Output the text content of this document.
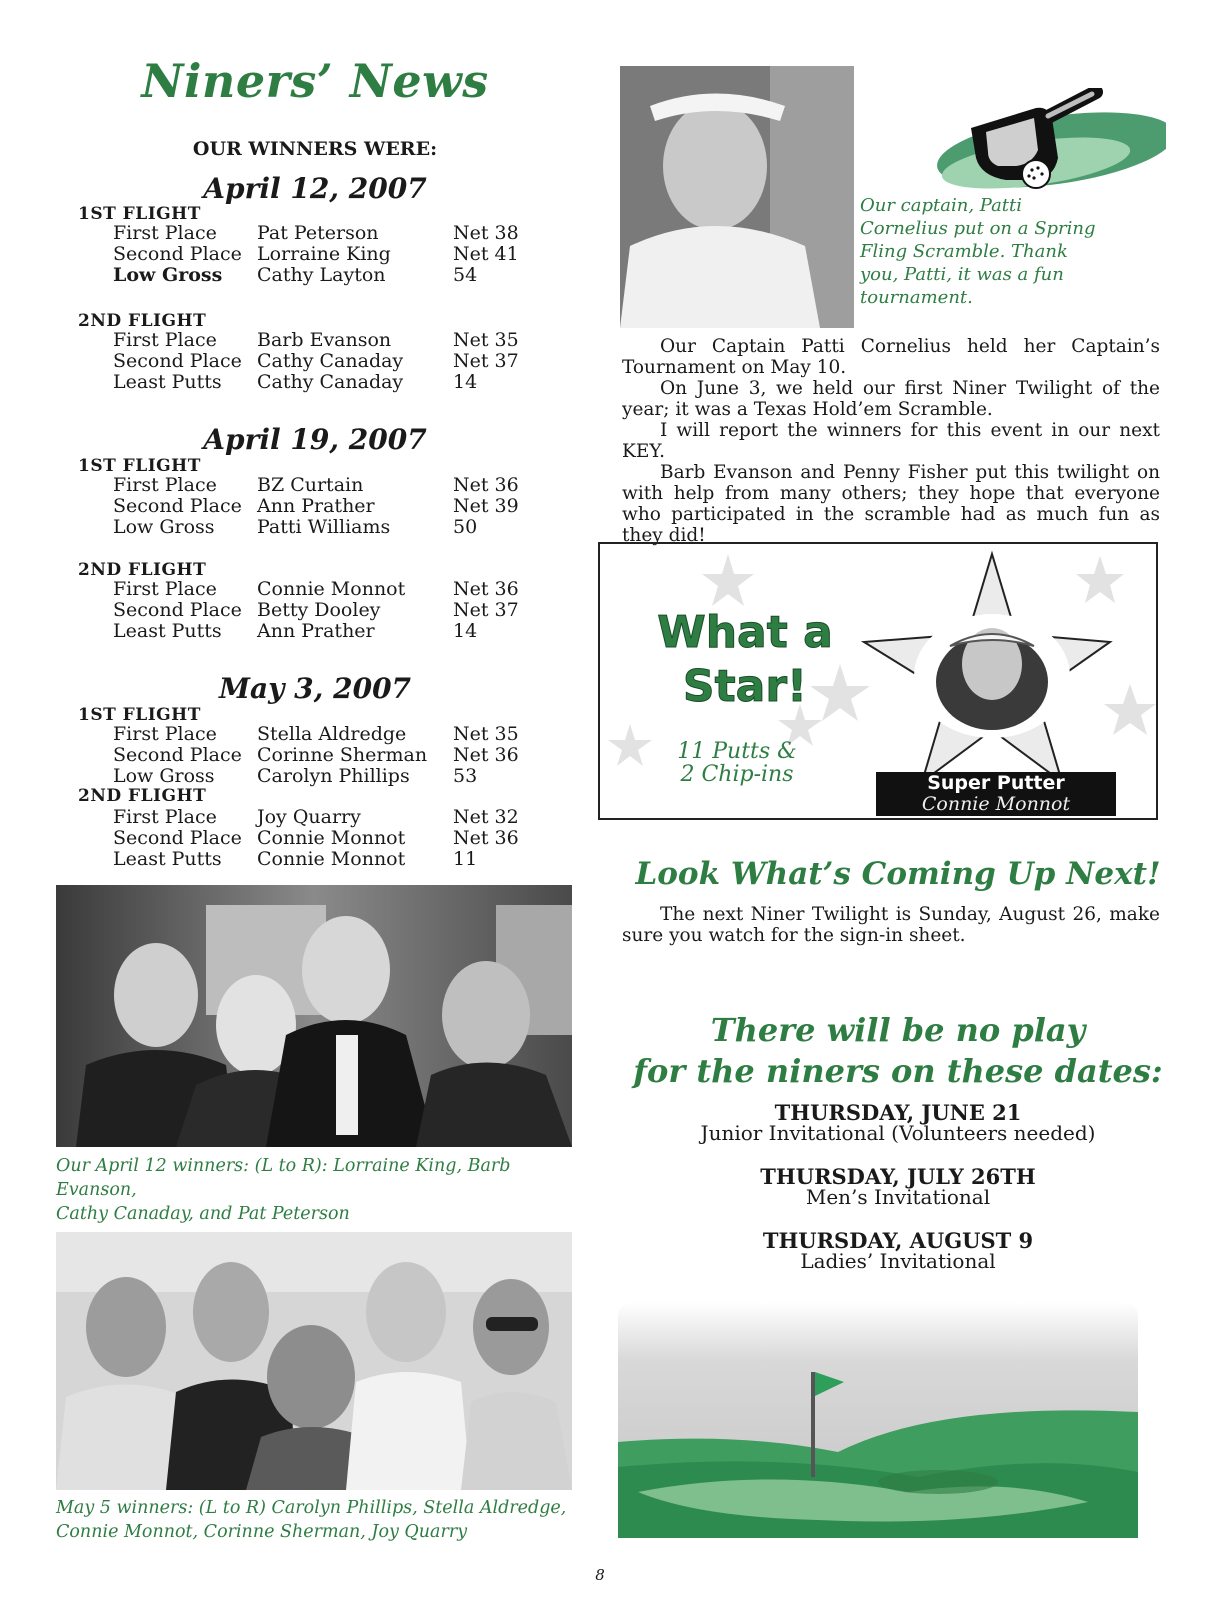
Niners’ News
OUR WINNERS WERE:
April 12, 2007
1ST FLIGHT
First Place Pat Peterson	Net 38
Second Place Lorraine King	Net 41
Low Gross Cathy Layton	54
2ND FLIGHT
First Place Barb Evanson	Net 35
Second Place Cathy Canaday	Net 37
Least Putts Cathy Canaday	14
April 19, 2007
1ST FLIGHT
First Place BZ Curtain	Net 36
Second Place Ann Prather	Net 39
Low Gross Patti Williams	50
2ND FLIGHT
First Place Connie Monnot	Net 36
Second Place Betty Dooley	Net 37
Least Putts Ann Prather	14
May 3, 2007
1ST FLIGHT
First Place Stella Aldredge Net 35
Second Place Corinne Sherman Net 36
Low Gross Carolyn Phillips 53
2ND FLIGHT
First Place Joy Quarry	Net 32
Second Place Connie Monnot	Net 36
Least Putts Connie Monnot	11
Our April 12 winners: (L to R): Lorraine King, Barb Evanson,
Cathy Canaday, and Pat Peterson
May 5 winners: (L to R) Carolyn Phillips, Stella Aldredge,
Connie Monnot, Corinne Sherman, Joy Quarry
Our captain, Patti
Cornelius put on a Spring
Fling Scramble. Thank
you, Patti, it was a fun
tournament.

Our Captain Patti Cornelius held her Captain’s Tournament on May 10.

On June 3, we held our first Niner Twilight of the year; it was a Texas Hold’em Scramble.

I will report the winners for this event in our next KEY.

Barb Evanson and Penny Fisher put this twilight on with help from many others; they hope that everyone who participated in the scramble had as much fun as they did!

What a
Star!
11 Putts &
2 Chip-ins	Super Putter
Connie Monnot
Look What’s Coming Up Next!

The next Niner Twilight is Sunday, August 26, make sure you watch for the sign-in sheet.

There will be no play
for the niners on these dates:
THURSDAY, JUNE 21
Junior Invitational (Volunteers needed)
THURSDAY, JULY 26TH
Men’s Invitational
THURSDAY, AUGUST 9
Ladies’ Invitational
8
